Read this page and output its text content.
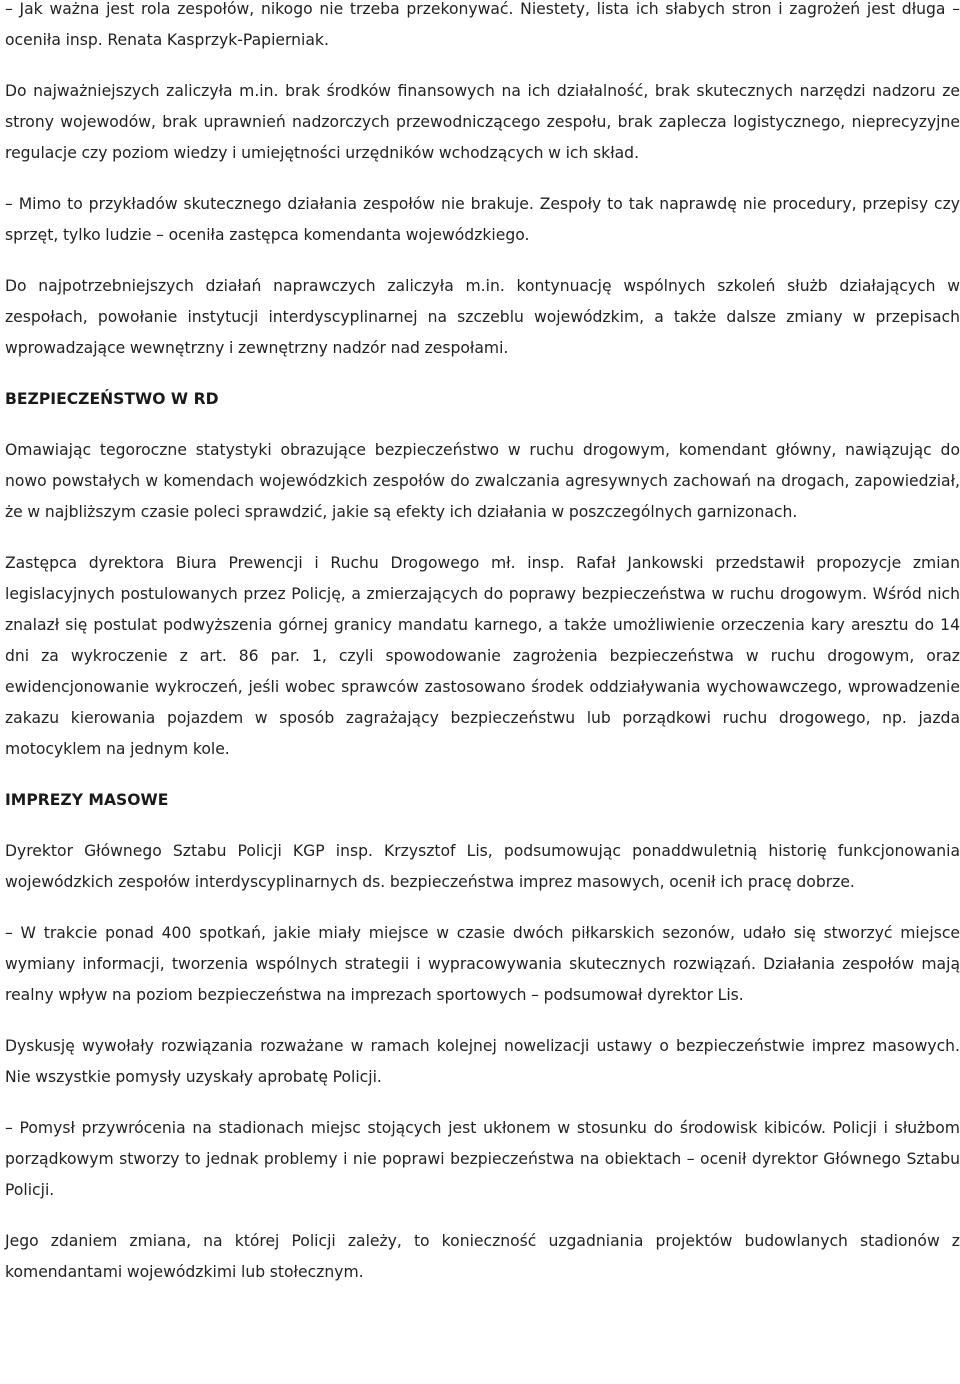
– Jak ważna jest rola zespołów, nikogo nie trzeba przekonywać. Niestety, lista ich słabych stron i zagrożeń jest długa – oceniła insp. Renata Kasprzyk-Papierniak.

Do najważniejszych zaliczyła m.in. brak środków finansowych na ich działalność, brak skutecznych narzędzi nadzoru ze strony wojewodów, brak uprawnień nadzorczych przewodniczącego zespołu, brak zaplecza logistycznego, nieprecyzyjne regulacje czy poziom wiedzy i umiejętności urzędników wchodzących w ich skład.

– Mimo to przykładów skutecznego działania zespołów nie brakuje. Zespoły to tak naprawdę nie procedury, przepisy czy sprzęt, tylko ludzie – oceniła zastępca komendanta wojewódzkiego.

Do najpotrzebniejszych działań naprawczych zaliczyła m.in. kontynuację wspólnych szkoleń służb działających w zespołach, powołanie instytucji interdyscyplinarnej na szczeblu wojewódzkim, a także dalsze zmiany w przepisach wprowadzające wewnętrzny i zewnętrzny nadzór nad zespołami.

BEZPIECZEŃSTWO W RD

Omawiając tegoroczne statystyki obrazujące bezpieczeństwo w ruchu drogowym, komendant główny, nawiązując do nowo powstałych w komendach wojewódzkich zespołów do zwalczania agresywnych zachowań na drogach, zapowiedział, że w najbliższym czasie poleci sprawdzić, jakie są efekty ich działania w poszczególnych garnizonach.

Zastępca dyrektora Biura Prewencji i Ruchu Drogowego mł. insp. Rafał Jankowski przedstawił propozycje zmian legislacyjnych postulowanych przez Policję, a zmierzających do poprawy bezpieczeństwa w ruchu drogowym. Wśród nich znalazł się postulat podwyższenia górnej granicy mandatu karnego, a także umożliwienie orzeczenia kary aresztu do 14 dni za wykroczenie z art. 86 par. 1, czyli spowodowanie zagrożenia bezpieczeństwa w ruchu drogowym, oraz ewidencjonowanie wykroczeń, jeśli wobec sprawców zastosowano środek oddziaływania wychowawczego, wprowadzenie zakazu kierowania pojazdem w sposób zagrażający bezpieczeństwu lub porządkowi ruchu drogowego, np. jazda motocyklem na jednym kole.

IMPREZY MASOWE

Dyrektor Głównego Sztabu Policji KGP insp. Krzysztof Lis, podsumowując ponaddwuletnią historię funkcjonowania wojewódzkich zespołów interdyscyplinarnych ds. bezpieczeństwa imprez masowych, ocenił ich pracę dobrze.

– W trakcie ponad 400 spotkań, jakie miały miejsce w czasie dwóch piłkarskich sezonów, udało się stworzyć miejsce wymiany informacji, tworzenia wspólnych strategii i wypracowywania skutecznych rozwiązań. Działania zespołów mają realny wpływ na poziom bezpieczeństwa na imprezach sportowych – podsumował dyrektor Lis.

Dyskusję wywołały rozwiązania rozważane w ramach kolejnej nowelizacji ustawy o bezpieczeństwie imprez masowych. Nie wszystkie pomysły uzyskały aprobatę Policji.

– Pomysł przywrócenia na stadionach miejsc stojących jest ukłonem w stosunku do środowisk kibiców. Policji i służbom porządkowym stworzy to jednak problemy i nie poprawi bezpieczeństwa na obiektach – ocenił dyrektor Głównego Sztabu Policji.

Jego zdaniem zmiana, na której Policji zależy, to konieczność uzgadniania projektów budowlanych stadionów z komendantami wojewódzkimi lub stołecznym.
